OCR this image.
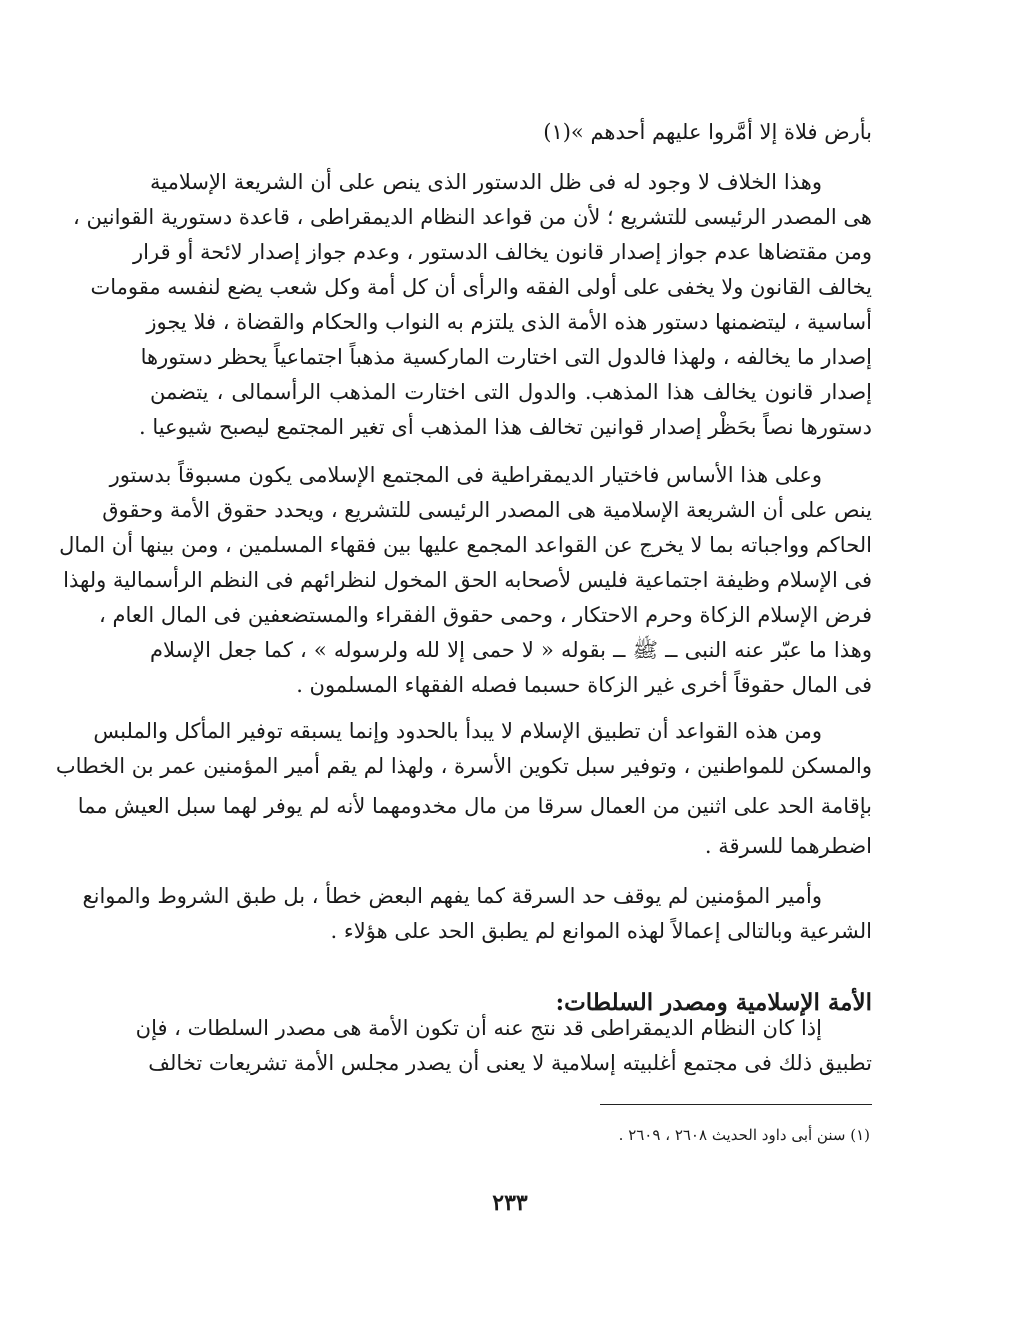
بأرض فلاة إلا أمَّروا عليهم أحدهم »(١)
وهذا الخلاف لا وجود له فى ظل الدستور الذى ينص على أن الشريعة الإسلامية
هى المصدر الرئيسى للتشريع ؛ لأن من قواعد النظام الديمقراطى ، قاعدة دستورية القوانين ،
ومن مقتضاها عدم جواز إصدار قانون يخالف الدستور ، وعدم جواز إصدار لائحة أو قرار
يخالف القانون ولا يخفى على أولى الفقه والرأى أن كل أمة وكل شعب يضع لنفسه مقومات
أساسية ، ليتضمنها دستور هذه الأمة الذى يلتزم به النواب والحكام والقضاة ، فلا يجوز
إصدار ما يخالفه ، ولهذا فالدول التى اختارت الماركسية مذهباً اجتماعياً يحظر دستورها
إصدار قانون يخالف هذا المذهب. والدول التى اختارت المذهب الرأسمالى ، يتضمن
دستورها نصاً بحَظْر إصدار قوانين تخالف هذا المذهب أى تغير المجتمع ليصبح شيوعيا .
وعلى هذا الأساس فاختيار الديمقراطية فى المجتمع الإسلامى يكون مسبوقاً بدستور
ينص على أن الشريعة الإسلامية هى المصدر الرئيسى للتشريع ، ويحدد حقوق الأمة وحقوق
الحاكم وواجباته بما لا يخرج عن القواعد المجمع عليها بين فقهاء المسلمين ، ومن بينها أن المال
فى الإسلام وظيفة اجتماعية فليس لأصحابه الحق المخول لنظرائهم فى النظم الرأسمالية ولهذا
فرض الإسلام الزكاة وحرم الاحتكار ، وحمى حقوق الفقراء والمستضعفين فى المال العام ،
وهذا ما عبّر عنه النبى ــ ﷺ ــ بقوله « لا حمى إلا لله ولرسوله » ، كما جعل الإسلام
فى المال حقوقاً أخرى غير الزكاة حسبما فصله الفقهاء المسلمون .
ومن هذه القواعد أن تطبيق الإسلام لا يبدأ بالحدود وإنما يسبقه توفير المأكل والملبس
والمسكن للمواطنين ، وتوفير سبل تكوين الأسرة ، ولهذا لم يقم أمير المؤمنين عمر بن الخطاب
بإقامة الحد على اثنين من العمال سرقا من مال مخدومهما لأنه لم يوفر لهما سبل العيش مما
اضطرهما للسرقة .
وأمير المؤمنين لم يوقف حد السرقة كما يفهم البعض خطأ ، بل طبق الشروط والموانع
الشرعية وبالتالى إعمالاً لهذه الموانع لم يطبق الحد على هؤلاء .
إذا كان النظام الديمقراطى قد نتج عنه أن تكون الأمة هى مصدر السلطات ، فإن
تطبيق ذلك فى مجتمع أغلبيته إسلامية لا يعنى أن يصدر مجلس الأمة تشريعات تخالف
الأمة الإسلامية ومصدر السلطات:
(١) سنن أبى داود الحديث ٢٦٠٨ ، ٢٦٠٩ .
٢٣٣
